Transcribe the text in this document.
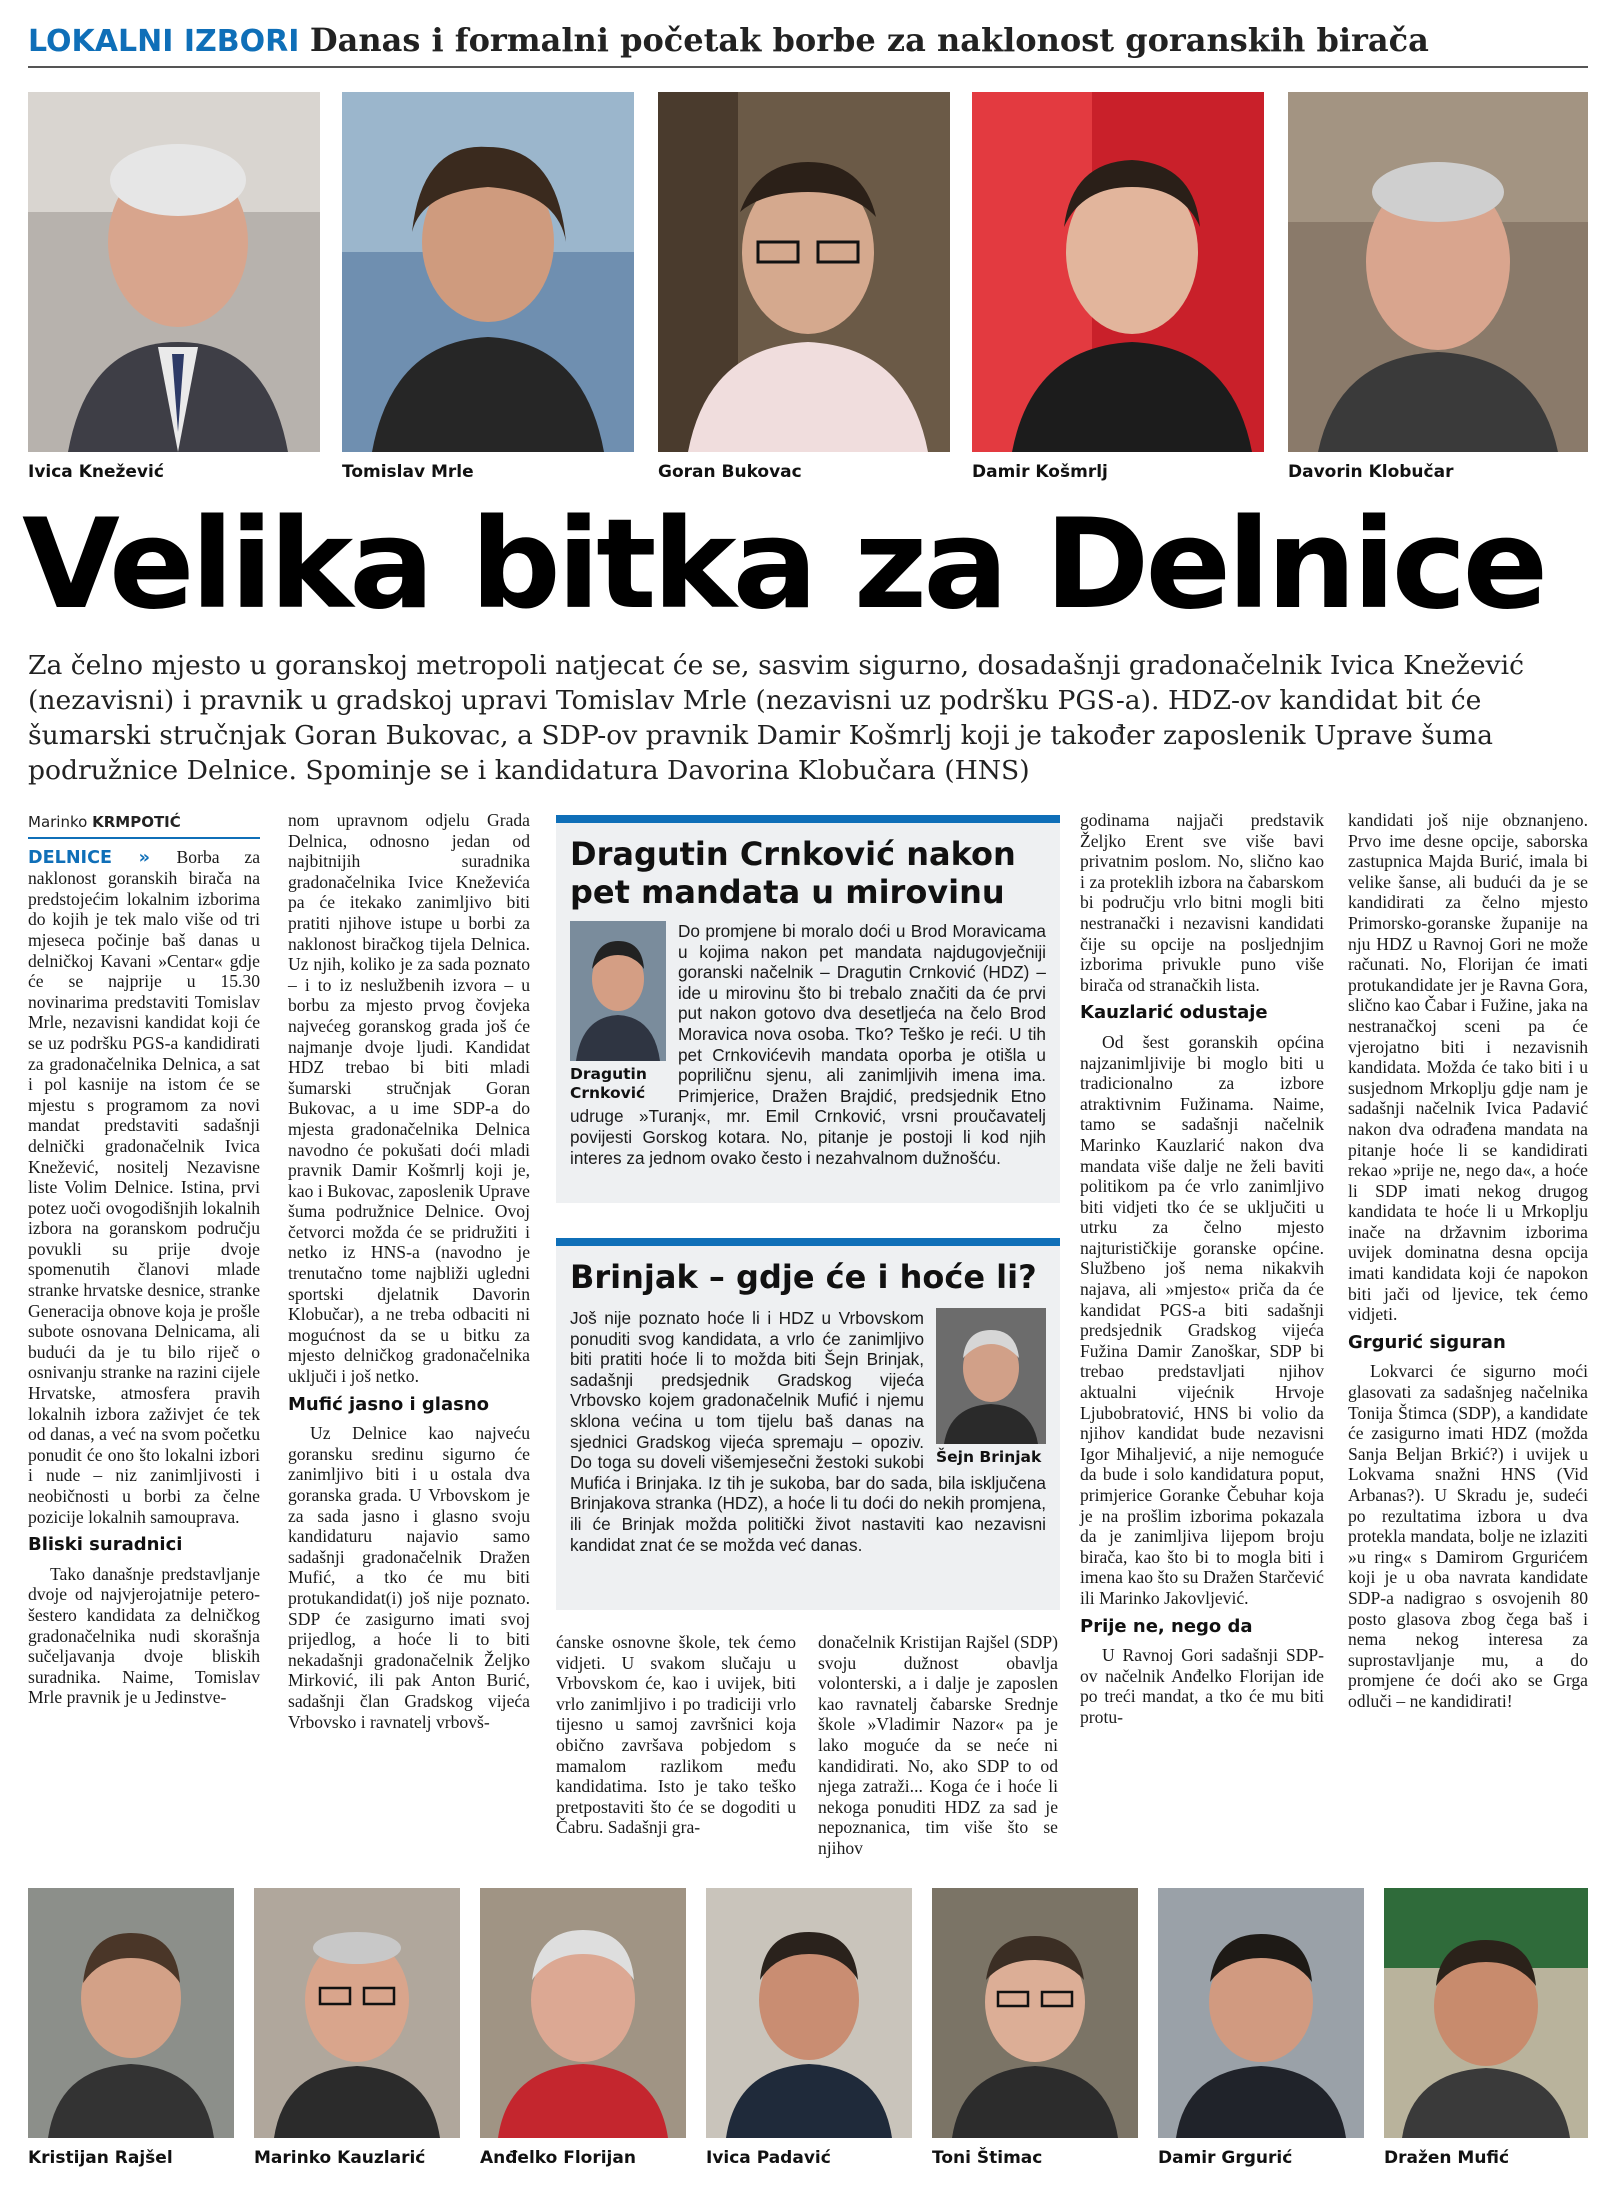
LOKALNI IZBORI Danas i formalni početak borbe za naklonost goranskih birača
Ivica Knežević	Tomislav Mrle	Goran Bukovac	Damir Košmrlj	Davorin Klobučar
Velika bitka za Delnice
Za čelno mjesto u goranskoj metropoli natjecat će se, sasvim sigurno, dosadašnji gradonačelnik Ivica Knežević (nezavisni) i pravnik u gradskoj upravi Tomislav Mrle (nezavisni uz podršku PGS-a). HDZ-ov kandidat bit će šumarski stručnjak Goran Bukovac, a SDP-ov pravnik Damir Košmrlj koji je također zaposlenik Uprave šuma podružnice Delnice. Spominje se i kandidatura Davorina Klobučara (HNS)
Marinko KRMPOTIĆ

DELNICE » Borba za naklonost goranskih birača na predstojećim lokalnim izborima do kojih je tek malo više od tri mjeseca počinje baš danas u delničkoj Kavani »Centar« gdje će se najprije u 15.30 novinarima predstaviti Tomislav Mrle, nezavisni kandidat koji će se uz podršku PGS-a kandidirati za gradonačelnika Delnica, a sat i pol kasnije na istom će se mjestu s programom za novi mandat predstaviti sadašnji delnički gradonačelnik Ivica Knežević, nositelj Nezavisne liste Volim Delnice. Istina, prvi potez uoči ovogodišnjih lokalnih izbora na goranskom području povukli su prije dvoje spomenutih članovi mlade stranke hrvatske desnice, stranke Generacija obnove koja je prošle subote osnovana Delnicama, ali budući da je tu bilo riječ o osnivanju stranke na razini cijele Hrvatske, atmosfera pravih lokalnih izbora zaživjet će tek od danas, a već na svom početku ponudit će ono što lokalni izbori i nude – niz zanimljivosti i neobičnosti u borbi za čelne pozicije lokalnih samouprava.

Bliski suradnici

Tako današnje predstavljanje dvoje od najvjerojatnije petero-šestero kandidata za delničkog gradonačelnika nudi skorašnja sučeljavanja dvoje bliskih suradnika. Naime, Tomislav Mrle pravnik je u Jedinstve-

nom upravnom odjelu Grada Delnica, odnosno jedan od najbitnijih suradnika gradonačelnika Ivice Kneževića pa će itekako zanimljivo biti pratiti njihove istupe u borbi za naklonost biračkog tijela Delnica. Uz njih, koliko je za sada poznato – i to iz neslužbenih izvora – u borbu za mjesto prvog čovjeka najvećeg goranskog grada još će najmanje dvoje ljudi. Kandidat HDZ trebao bi biti mladi šumarski stručnjak Goran Bukovac, a u ime SDP-a do mjesta gradonačelnika Delnica navodno će pokušati doći mladi pravnik Damir Košmrlj koji je, kao i Bukovac, zaposlenik Uprave šuma podružnice Delnice. Ovoj četvorci možda će se pridružiti i netko iz HNS-a (navodno je trenutačno tome najbliži ugledni sportski djelatnik Davorin Klobučar), a ne treba odbaciti ni mogućnost da se u bitku za mjesto delničkog gradonačelnika uključi i još netko.

Mufić jasno i glasno

Uz Delnice kao najveću goransku sredinu sigurno će zanimljivo biti i u ostala dva goranska grada. U Vrbovskom je za sada jasno i glasno svoju kandidaturu najavio samo sadašnji gradonačelnik Dražen Mufić, a tko će mu biti protukandidat(i) još nije poznato. SDP će zasigurno imati svoj prijedlog, a hoće li to biti nekadašnji gradonačelnik Željko Mirković, ili pak Anton Burić, sadašnji član Gradskog vijeća Vrbovsko i ravnatelj vrbovš-

Dragutin Crnković nakon pet mandata u mirovinu
Dragutin Crnković
Do promjene bi moralo doći u Brod Moravicama u kojima nakon pet mandata najdugovječniji goranski načelnik – Dragutin Crnković (HDZ) – ide u mirovinu što bi trebalo značiti da će prvi put nakon gotovo dva desetljeća na čelo Brod Moravica nova osoba. Tko? Teško je reći. U tih pet Crnkovićevih mandata oporba je otišla u popriličnu sjenu, ali zanimljivih imena ima. Primjerice, Dražen Brajdić, predsjednik Etno udruge »Turanj«, mr. Emil Crnković, vrsni proučavatelj povijesti Gorskog kotara. No, pitanje je postoji li kod njih interes za jednom ovako često i nezahvalnom dužnošću.
Brinjak – gdje će i hoće li?
Šejn Brinjak
Još nije poznato hoće li i HDZ u Vrbovskom ponuditi svog kandidata, a vrlo će zanimljivo biti pratiti hoće li to možda biti Šejn Brinjak, sadašnji predsjednik Gradskog vijeća Vrbovsko kojem gradonačelnik Mufić i njemu sklona većina u tom tijelu baš danas na sjednici Gradskog vijeća spremaju – opoziv. Do toga su doveli višemjesečni žestoki sukobi Mufića i Brinjaka. Iz tih je sukoba, bar do sada, bila isključena Brinjakova stranka (HDZ), a hoće li tu doći do nekih promjena, ili će Brinjak možda politički život nastaviti kao nezavisni kandidat znat će se možda već danas.

ćanske osnovne škole, tek ćemo vidjeti. U svakom slučaju u Vrbovskom će, kao i uvijek, biti vrlo zanimljivo i po tradiciji vrlo tijesno u samoj završnici koja obično završava pobjedom s mamalom razlikom među kandidatima. Isto je tako teško pretpostaviti što će se dogoditi u Čabru. Sadašnji gra-

donačelnik Kristijan Rajšel (SDP) svoju dužnost obavlja volonterski, a i dalje je zaposlen kao ravnatelj čabarske Srednje škole »Vladimir Nazor« pa je lako moguće da se neće ni kandidirati. No, ako SDP to od njega zatraži... Koga će i hoće li nekoga ponuditi HDZ za sad je nepoznanica, tim više što se njihov

godinama najjači predstavik Željko Erent sve više bavi privatnim poslom. No, slično kao i za proteklih izbora na čabarskom bi području vrlo bitni mogli biti nestranački i nezavisni kandidati čije su opcije na posljednjim izborima privukle puno više birača od stranačkih lista.

Kauzlarić odustaje

Od šest goranskih općina najzanimljivije bi moglo biti u tradicionalno za izbore atraktivnim Fužinama. Naime, tamo se sadašnji načelnik Marinko Kauzlarić nakon dva mandata više dalje ne želi baviti politikom pa će vrlo zanimljivo biti vidjeti tko će se uključiti u utrku za čelno mjesto najturističkije goranske općine. Službeno još nema nikakvih najava, ali »mjesto« priča da će kandidat PGS-a biti sadašnji predsjednik Gradskog vijeća Fužina Damir Zanoškar, SDP bi trebao predstavljati njihov aktualni vijećnik Hrvoje Ljubobratović, HNS bi volio da njihov kandidat bude nezavisni Igor Mihaljević, a nije nemoguće da bude i solo kandidatura poput, primjerice Goranke Čebuhar koja je na prošlim izborima pokazala da je zanimljiva lijepom broju birača, kao što bi to mogla biti i imena kao što su Dražen Starčević ili Marinko Jakovljević.

Prije ne, nego da

U Ravnoj Gori sadašnji SDP-ov načelnik Anđelko Florijan ide po treći mandat, a tko će mu biti protu-

kandidati još nije obznanjeno. Prvo ime desne opcije, saborska zastupnica Majda Burić, imala bi velike šanse, ali budući da je se kandidirati za čelno mjesto Primorsko-goranske županije na nju HDZ u Ravnoj Gori ne može računati. No, Florijan će imati protukandidate jer je Ravna Gora, slično kao Čabar i Fužine, jaka na nestranačkoj sceni pa će vjerojatno biti i nezavisnih kandidata. Možda će tako biti i u susjednom Mrkoplju gdje nam je sadašnji načelnik Ivica Padavić nakon dva odrađena mandata na pitanje hoće li se kandidirati rekao »prije ne, nego da«, a hoće li SDP imati nekog drugog kandidata te hoće li u Mrkoplju inače na državnim izborima uvijek dominatna desna opcija imati kandidata koji će napokon biti jači od ljevice, tek ćemo vidjeti.

Grgurić siguran

Lokvarci će sigurno moći glasovati za sadašnjeg načelnika Tonija Štimca (SDP), a kandidate će zasigurno imati HDZ (možda Sanja Beljan Brkić?) i uvijek u Lokvama snažni HNS (Vid Arbanas?). U Skradu je, sudeći po rezultatima izbora u dva protekla mandata, bolje ne izlaziti »u ring« s Damirom Grgurićem koji je u oba navrata kandidate SDP-a nadigrao s osvojenih 80 posto glasova zbog čega baš i nema nekog interesa za suprostavljanje mu, a do promjene će doći ako se Grga odluči – ne kandidirati!

Kristijan Rajšel	Marinko Kauzlarić	Anđelko Florijan	Ivica Padavić	Toni Štimac	Damir Grgurić	Dražen Mufić
